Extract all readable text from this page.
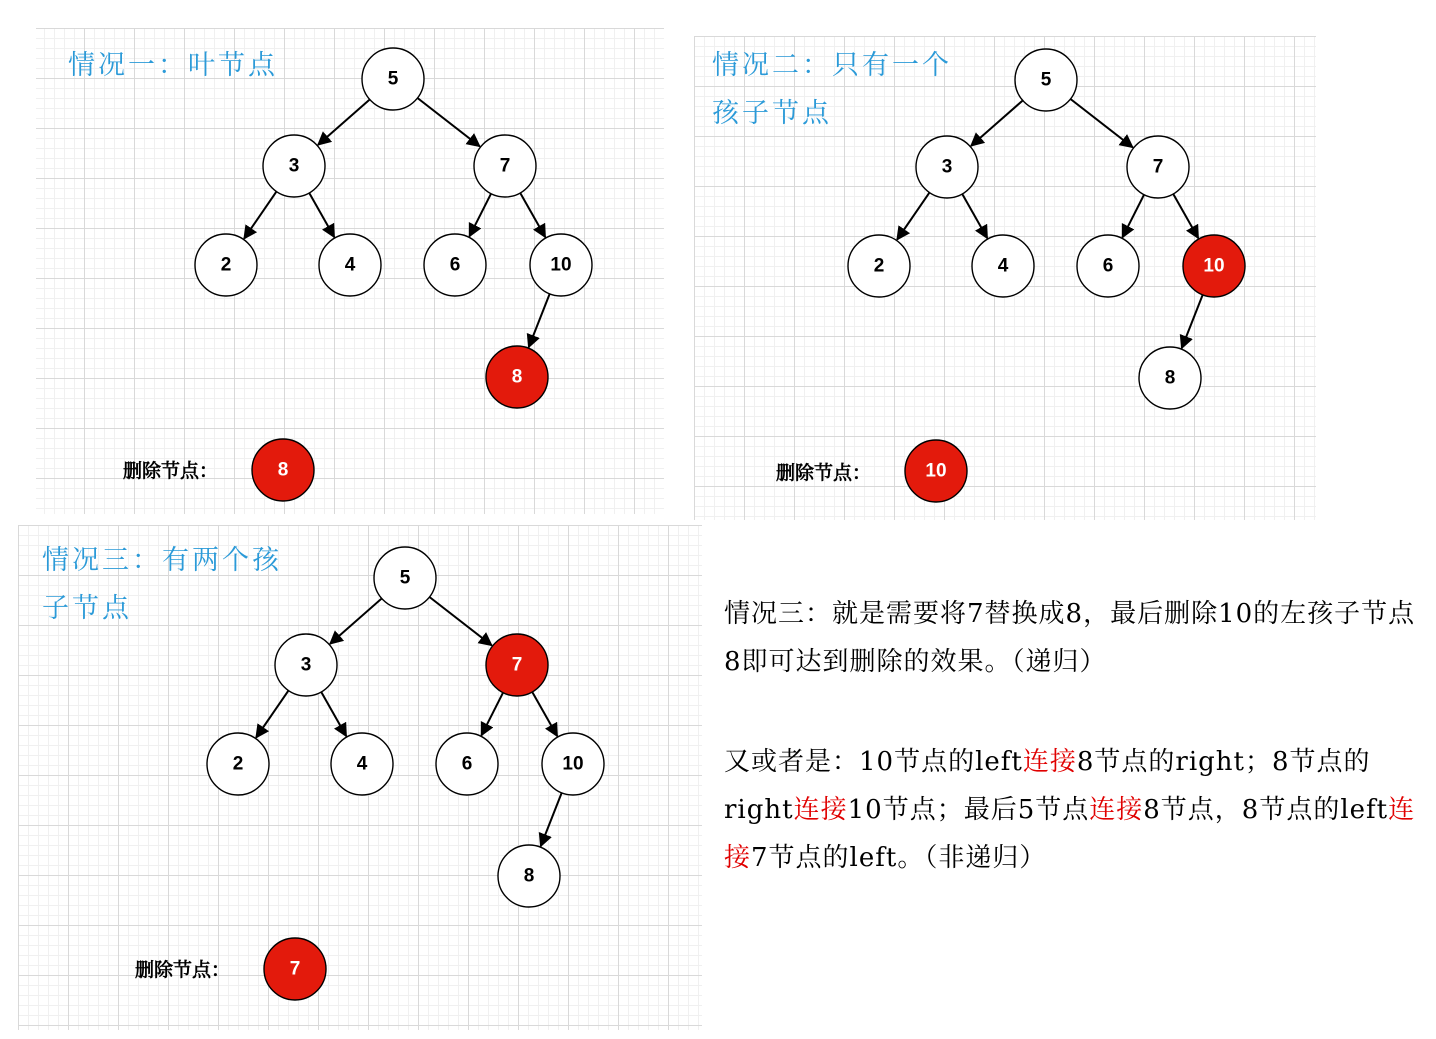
情况一：叶节点	情况二：只有一个
孩子节点
情况三：有两个孩
子节点
删除节点：	删除节点：
删除节点：
5
3	7
2	4	6	10
8
8
5
3	7
2	4	6	10
8
10
5
3	7
2	4	6	10
8
7
情况三：就是需要将7替换成8，最后删除10的左孩子节点8即可达到删除的效果。（递归）
又或者是：10节点的left连接8节点的right；8节点的right连接10节点；最后5节点连接8节点，8节点的left连接7节点的left。（非递归）
